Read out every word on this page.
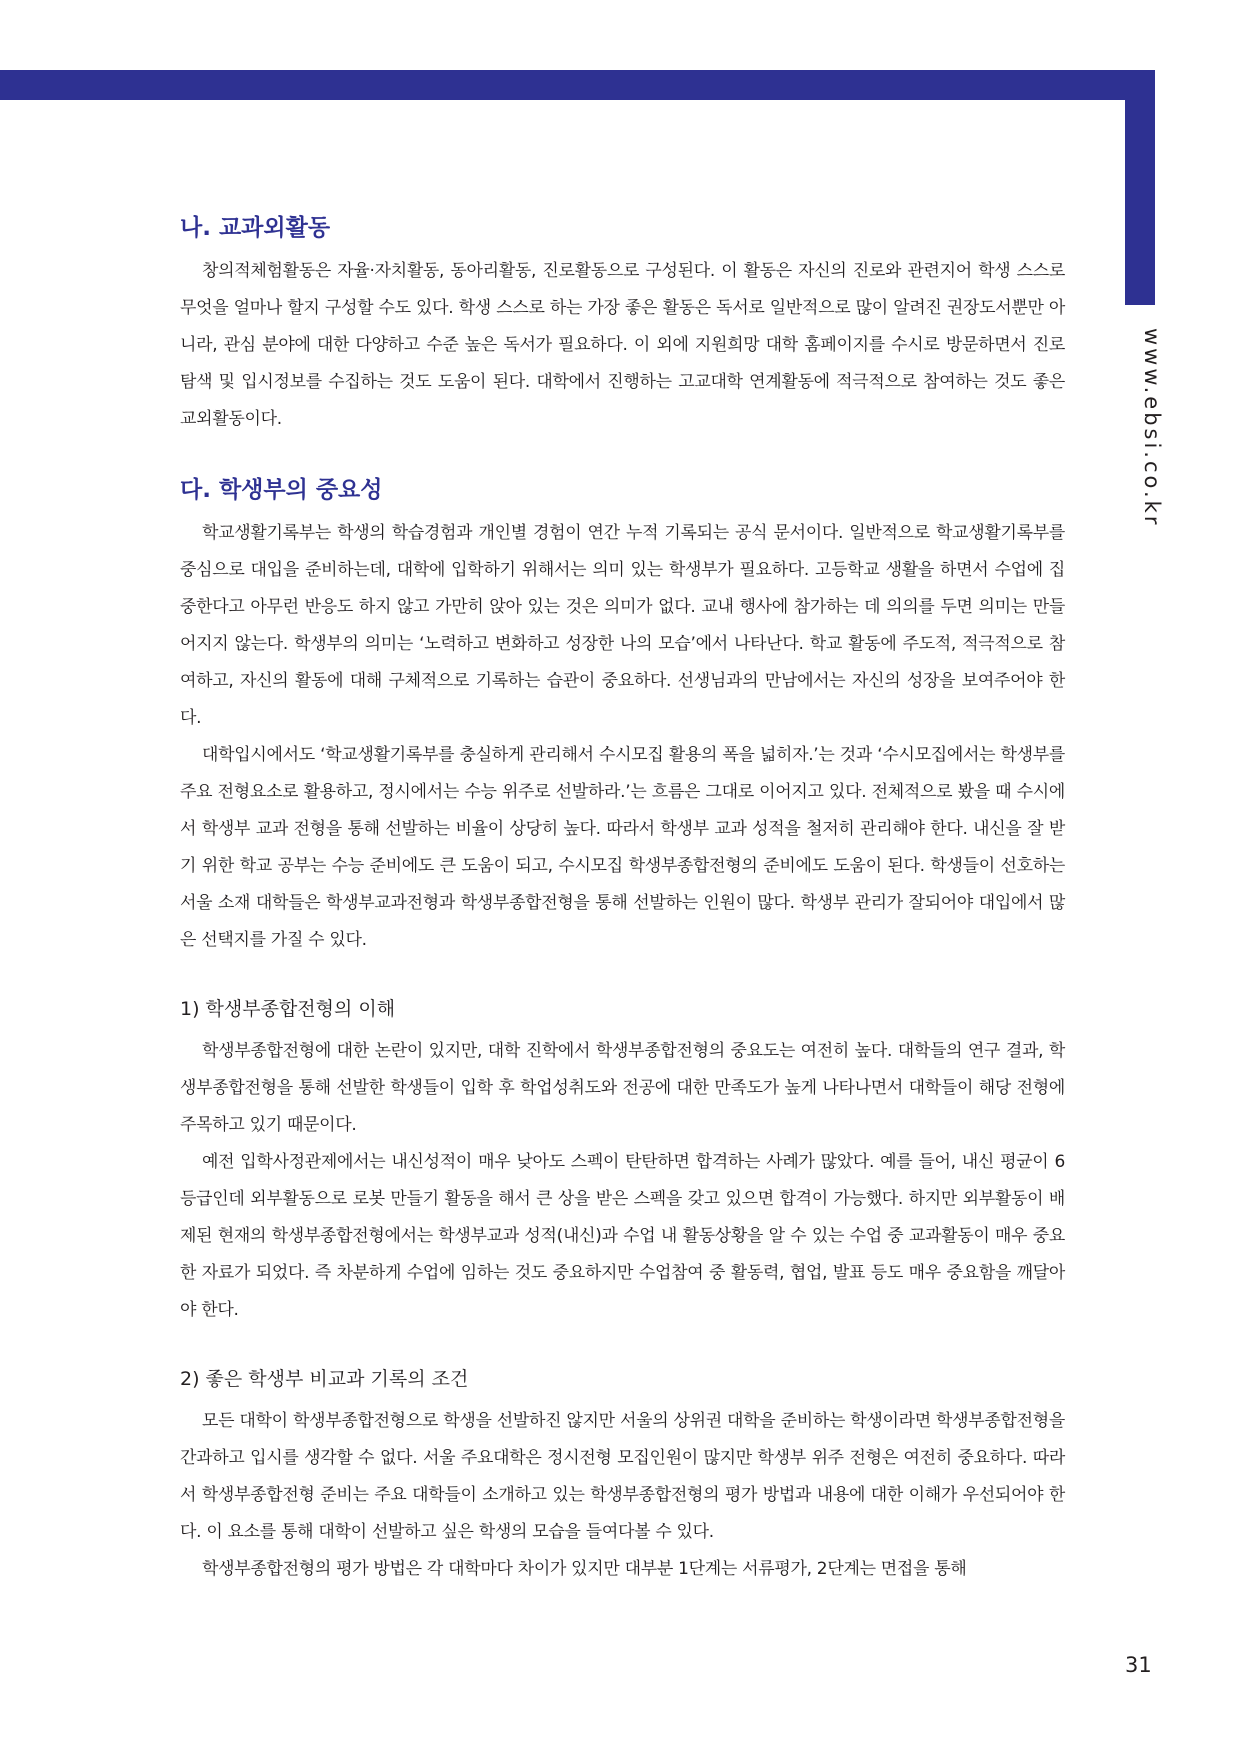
www.ebsi.co.kr
나. 교과외활동

창의적체험활동은 자율·자치활동, 동아리활동, 진로활동으로 구성된다. 이 활동은 자신의 진로와 관련지어 학생 스스로 무엇을 얼마나 할지 구성할 수도 있다. 학생 스스로 하는 가장 좋은 활동은 독서로 일반적으로 많이 알려진 권장도서뿐만 아니라, 관심 분야에 대한 다양하고 수준 높은 독서가 필요하다. 이 외에 지원희망 대학 홈페이지를 수시로 방문하면서 진로 탐색 및 입시정보를 수집하는 것도 도움이 된다. 대학에서 진행하는 고교대학 연계활동에 적극적으로 참여하는 것도 좋은 교외활동이다.

다. 학생부의 중요성

학교생활기록부는 학생의 학습경험과 개인별 경험이 연간 누적 기록되는 공식 문서이다. 일반적으로 학교생활기록부를 중심으로 대입을 준비하는데, 대학에 입학하기 위해서는 의미 있는 학생부가 필요하다. 고등학교 생활을 하면서 수업에 집중한다고 아무런 반응도 하지 않고 가만히 앉아 있는 것은 의미가 없다. 교내 행사에 참가하는 데 의의를 두면 의미는 만들어지지 않는다. 학생부의 의미는 ‘노력하고 변화하고 성장한 나의 모습’에서 나타난다. 학교 활동에 주도적, 적극적으로 참여하고, 자신의 활동에 대해 구체적으로 기록하는 습관이 중요하다. 선생님과의 만남에서는 자신의 성장을 보여주어야 한다.

대학입시에서도 ‘학교생활기록부를 충실하게 관리해서 수시모집 활용의 폭을 넓히자.’는 것과 ‘수시모집에서는 학생부를 주요 전형요소로 활용하고, 정시에서는 수능 위주로 선발하라.’는 흐름은 그대로 이어지고 있다. 전체적으로 봤을 때 수시에서 학생부 교과 전형을 통해 선발하는 비율이 상당히 높다. 따라서 학생부 교과 성적을 철저히 관리해야 한다. 내신을 잘 받기 위한 학교 공부는 수능 준비에도 큰 도움이 되고, 수시모집 학생부종합전형의 준비에도 도움이 된다. 학생들이 선호하는 서울 소재 대학들은 학생부교과전형과 학생부종합전형을 통해 선발하는 인원이 많다. 학생부 관리가 잘되어야 대입에서 많은 선택지를 가질 수 있다.

1) 학생부종합전형의 이해

학생부종합전형에 대한 논란이 있지만, 대학 진학에서 학생부종합전형의 중요도는 여전히 높다. 대학들의 연구 결과, 학생부종합전형을 통해 선발한 학생들이 입학 후 학업성취도와 전공에 대한 만족도가 높게 나타나면서 대학들이 해당 전형에 주목하고 있기 때문이다.

예전 입학사정관제에서는 내신성적이 매우 낮아도 스펙이 탄탄하면 합격하는 사례가 많았다. 예를 들어, 내신 평균이 6등급인데 외부활동으로 로봇 만들기 활동을 해서 큰 상을 받은 스펙을 갖고 있으면 합격이 가능했다. 하지만 외부활동이 배제된 현재의 학생부종합전형에서는 학생부교과 성적(내신)과 수업 내 활동상황을 알 수 있는 수업 중 교과활동이 매우 중요한 자료가 되었다. 즉 차분하게 수업에 임하는 것도 중요하지만 수업참여 중 활동력, 협업, 발표 등도 매우 중요함을 깨달아야 한다.

2) 좋은 학생부 비교과 기록의 조건

모든 대학이 학생부종합전형으로 학생을 선발하진 않지만 서울의 상위권 대학을 준비하는 학생이라면 학생부종합전형을 간과하고 입시를 생각할 수 없다. 서울 주요대학은 정시전형 모집인원이 많지만 학생부 위주 전형은 여전히 중요하다. 따라서 학생부종합전형 준비는 주요 대학들이 소개하고 있는 학생부종합전형의 평가 방법과 내용에 대한 이해가 우선되어야 한다. 이 요소를 통해 대학이 선발하고 싶은 학생의 모습을 들여다볼 수 있다.

학생부종합전형의 평가 방법은 각 대학마다 차이가 있지만 대부분 1단계는 서류평가, 2단계는 면접을 통해

31
